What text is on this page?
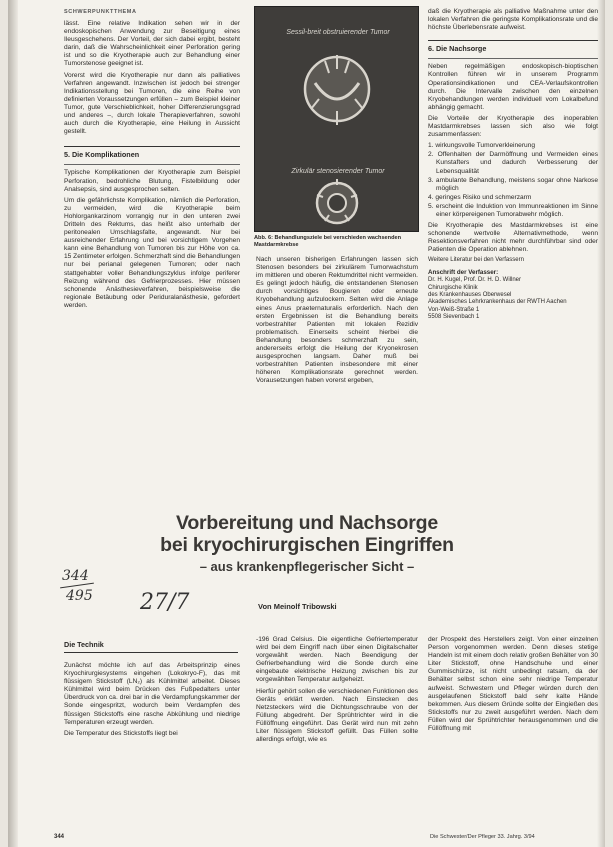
SCHWERPUNKTTHEMA

lässt. Eine relative Indikation sehen wir in der endoskopischen Anwendung zur Beseitigung eines Ileusgeschehens. Der Vorteil, der sich dabei ergibt, besteht darin, daß die Wahrscheinlichkeit einer Perforation gering ist und so die Kryotherapie auch zur Behandlung einer Tumorstenose geeignet ist.

Vorerst wird die Kryotherapie nur dann als palliatives Verfahren angewandt. Inzwischen ist jedoch bei strenger Indikationsstellung bei Tumoren, die eine Reihe von definierten Voraussetzungen erfüllen – zum Beispiel kleiner Tumor, gute Verschieblichkeit, hoher Differenzierungsgrad und anderes –, durch lokale Therapieverfahren, sowohl auch durch die Kryotherapie, eine Heilung in Aussicht gestellt.

5. Die Komplikationen

Typische Komplikationen der Kryotherapie zum Beispiel Perforation, bedrohliche Blutung, Fistelbildung oder Analsepsis, sind ausgesprochen selten.

Um die gefährlichste Komplikation, nämlich die Perforation, zu vermeiden, wird die Kryotherapie beim Hohlorgankarzinom vorrangig nur in den unteren zwei Dritteln des Rektums, das heißt also unterhalb der peritonealen Umschlagsfalte, angewandt. Nur bei ausreichender Erfahrung und bei vorsichtigem Vorgehen kann eine Behandlung von Tumoren bis zur Höhe von ca. 15 Zentimeter erfolgen. Schmerzhaft sind die Behandlungen nur bei perianal gelegenen Tumoren; oder nach stattgehabter voller Behandlungszyklus infolge periferer Reizung während des Gefrierprozesses. Hier müssen schonende Anästhesieverfahren, beispielsweise die regionale Betäubung oder Periduralanästhesie, gefordert werden.

Sessil-breit obstruierender Tumor
Zirkulär stenosierender Tumor
Abb. 6: Behandlungsziele bei verschieden wachsenden Mastdarmkrebse

Nach unseren bisherigen Erfahrungen lassen sich Stenosen besonders bei zirkulärem Tumorwachstum im mittleren und oberen Rektumdrittel nicht vermeiden. Es gelingt jedoch häufig, die entstandenen Stenosen durch vorsichtiges Bougieren oder erneute Kryobehandlung aufzulockern. Selten wird die Anlage eines Anus praeternaturalis erforderlich. Nach den ersten Ergebnissen ist die Behandlung bereits vorbestrahlter Patienten mit lokalen Rezidiv problematisch. Einerseits scheint hierbei die Behandlung besonders schmerzhaft zu sein, andererseits erfolgt die Heilung der Kryonekrosen ausgesprochen langsam. Daher muß bei vorbestrahlten Patienten insbesondere mit einer höheren Komplikationsrate gerechnet werden. Vorausetzungen haben vorerst ergeben,

daß die Kryotherapie als palliative Maßnahme unter den lokalen Verfahren die geringste Komplikationsrate und die höchste Überlebensrate aufweist.

6. Die Nachsorge

Neben regelmäßigen endoskopisch-bioptischen Kontrollen führen wir in unserem Programm Operationsindikationen und CEA-Verlaufskontrollen durch. Die Intervalle zwischen den einzelnen Kryobehandlungen werden individuell vom Lokalbefund abhängig gemacht.

Die Vorteile der Kryotherapie des inoperablen Mastdarmkrebses lassen sich also wie folgt zusammenfassen:

1. wirkungsvolle Tumorverkleinerung
2. Offenhalten der Darmöffnung und Vermeiden eines Kunstafters und dadurch Verbesserung der Lebensqualität
3. ambulante Behandlung, meistens sogar ohne Narkose möglich
4. geringes Risiko und schmerzarm
5. erscheint die Induktion von Immunreaktionen im Sinne einer körpereigenen Tumorabwehr möglich.

Die Kryotherapie des Mastdarmkrebses ist eine schonende wertvolle Alternativmethode, wenn Resektionsverfahren nicht mehr durchführbar sind oder Patienten die Operation ablehnen.

Weitere Literatur bei den Verfassern

Anschrift der Verfasser:
Dr. H. Kugel, Prof. Dr. H. D. Willner
Chirurgische Klinik
des Krankenhauses Oberwesel
Akademisches Lehrkrankenhaus der RWTH Aachen
Von-Weiß-Straße 1
5508 Sievenbach 1
Vorbereitung und Nachsorge
bei kryochirurgischen Eingriffen
– aus krankenpflegerischer Sicht –
Von Meinolf Tribowski
344
495 27/7
Die Technik

Zunächst möchte ich auf das Arbeitsprinzip eines Kryochirurgiesystems eingehen (Lokokryo-F), das mit flüssigem Stickstoff (LN₂) als Kühlmittel arbeitet. Dieses Kühlmittel wird beim Drücken des Fußpedalters unter Überdruck von ca. drei bar in die Verdampfungskammer der Sonde eingespritzt, wodurch beim Verdampfen des flüssigen Stickstoffs eine rasche Abkühlung und niedrige Temperaturen erzeugt werden.

Die Temperatur des Stickstoffs liegt bei

-196 Grad Celsius. Die eigentliche Gefriertemperatur wird bei dem Eingriff nach über einen Digitalschalter vorgewählt werden. Nach Beendigung der Gefrierbehandlung wird die Sonde durch eine eingebaute elektrische Heizung zwischen bis zur vorgewählten Temperatur aufgeheizt.

Hierfür gehört sollen die verschiedenen Funktionen des Geräts erklärt werden. Nach Einstecken des Netzsteckers wird die Dichtungsschraube von der Füllung abgedreht. Der Sprühtrichter wird in die Füllöffnung eingeführt. Das Gerät wird nun mit zehn Liter flüssigem Stickstoff gefüllt. Das Füllen sollte allerdings erfolgt, wie es

der Prospekt des Herstellers zeigt. Von einer einzelnen Person vorgenommen werden. Denn dieses stetige Handeln ist mit einem doch relativ großen Behälter von 30 Liter Stickstoff, ohne Handschuhe und einer Gummischürze, ist nicht unbedingt ratsam, da der Behälter selbst schon eine sehr niedrige Temperatur aufweist. Schwestern und Pfleger würden durch den ausgelaufenen Stickstoff bald sehr kalte Hände bekommen. Aus diesem Gründe sollte der Eingießen des Stickstoffs nur zu zweit ausgeführt werden. Nach dem Füllen wird der Sprühtrichter herausgenommen und die Füllöffnung mit

344	Die Schwester/Der Pfleger 33. Jahrg. 3/94
